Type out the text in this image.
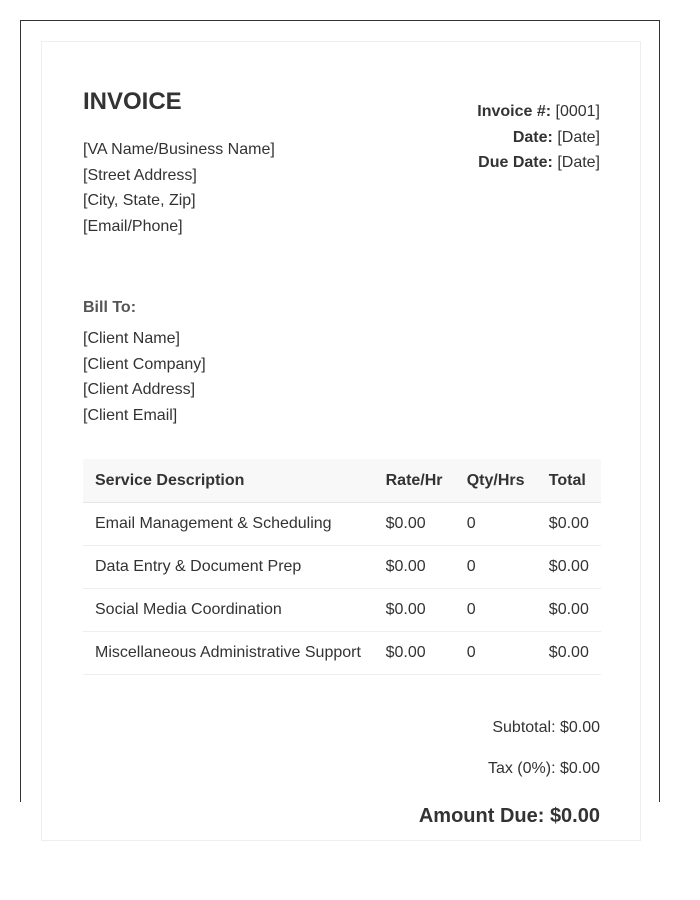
INVOICE
[VA Name/Business Name]
[Street Address]
[City, State, Zip]
[Email/Phone]
Invoice #: [0001]
Date: [Date]
Due Date: [Date]
Bill To:
[Client Name]
[Client Company]
[Client Address]
[Client Email]
Service Description	Rate/Hr	Qty/Hrs	Total
Email Management & Scheduling	$0.00	0	$0.00
Data Entry & Document Prep	$0.00	0	$0.00
Social Media Coordination	$0.00	0	$0.00
Miscellaneous Administrative Support	$0.00	0	$0.00
Subtotal: $0.00
Tax (0%): $0.00
Amount Due: $0.00
